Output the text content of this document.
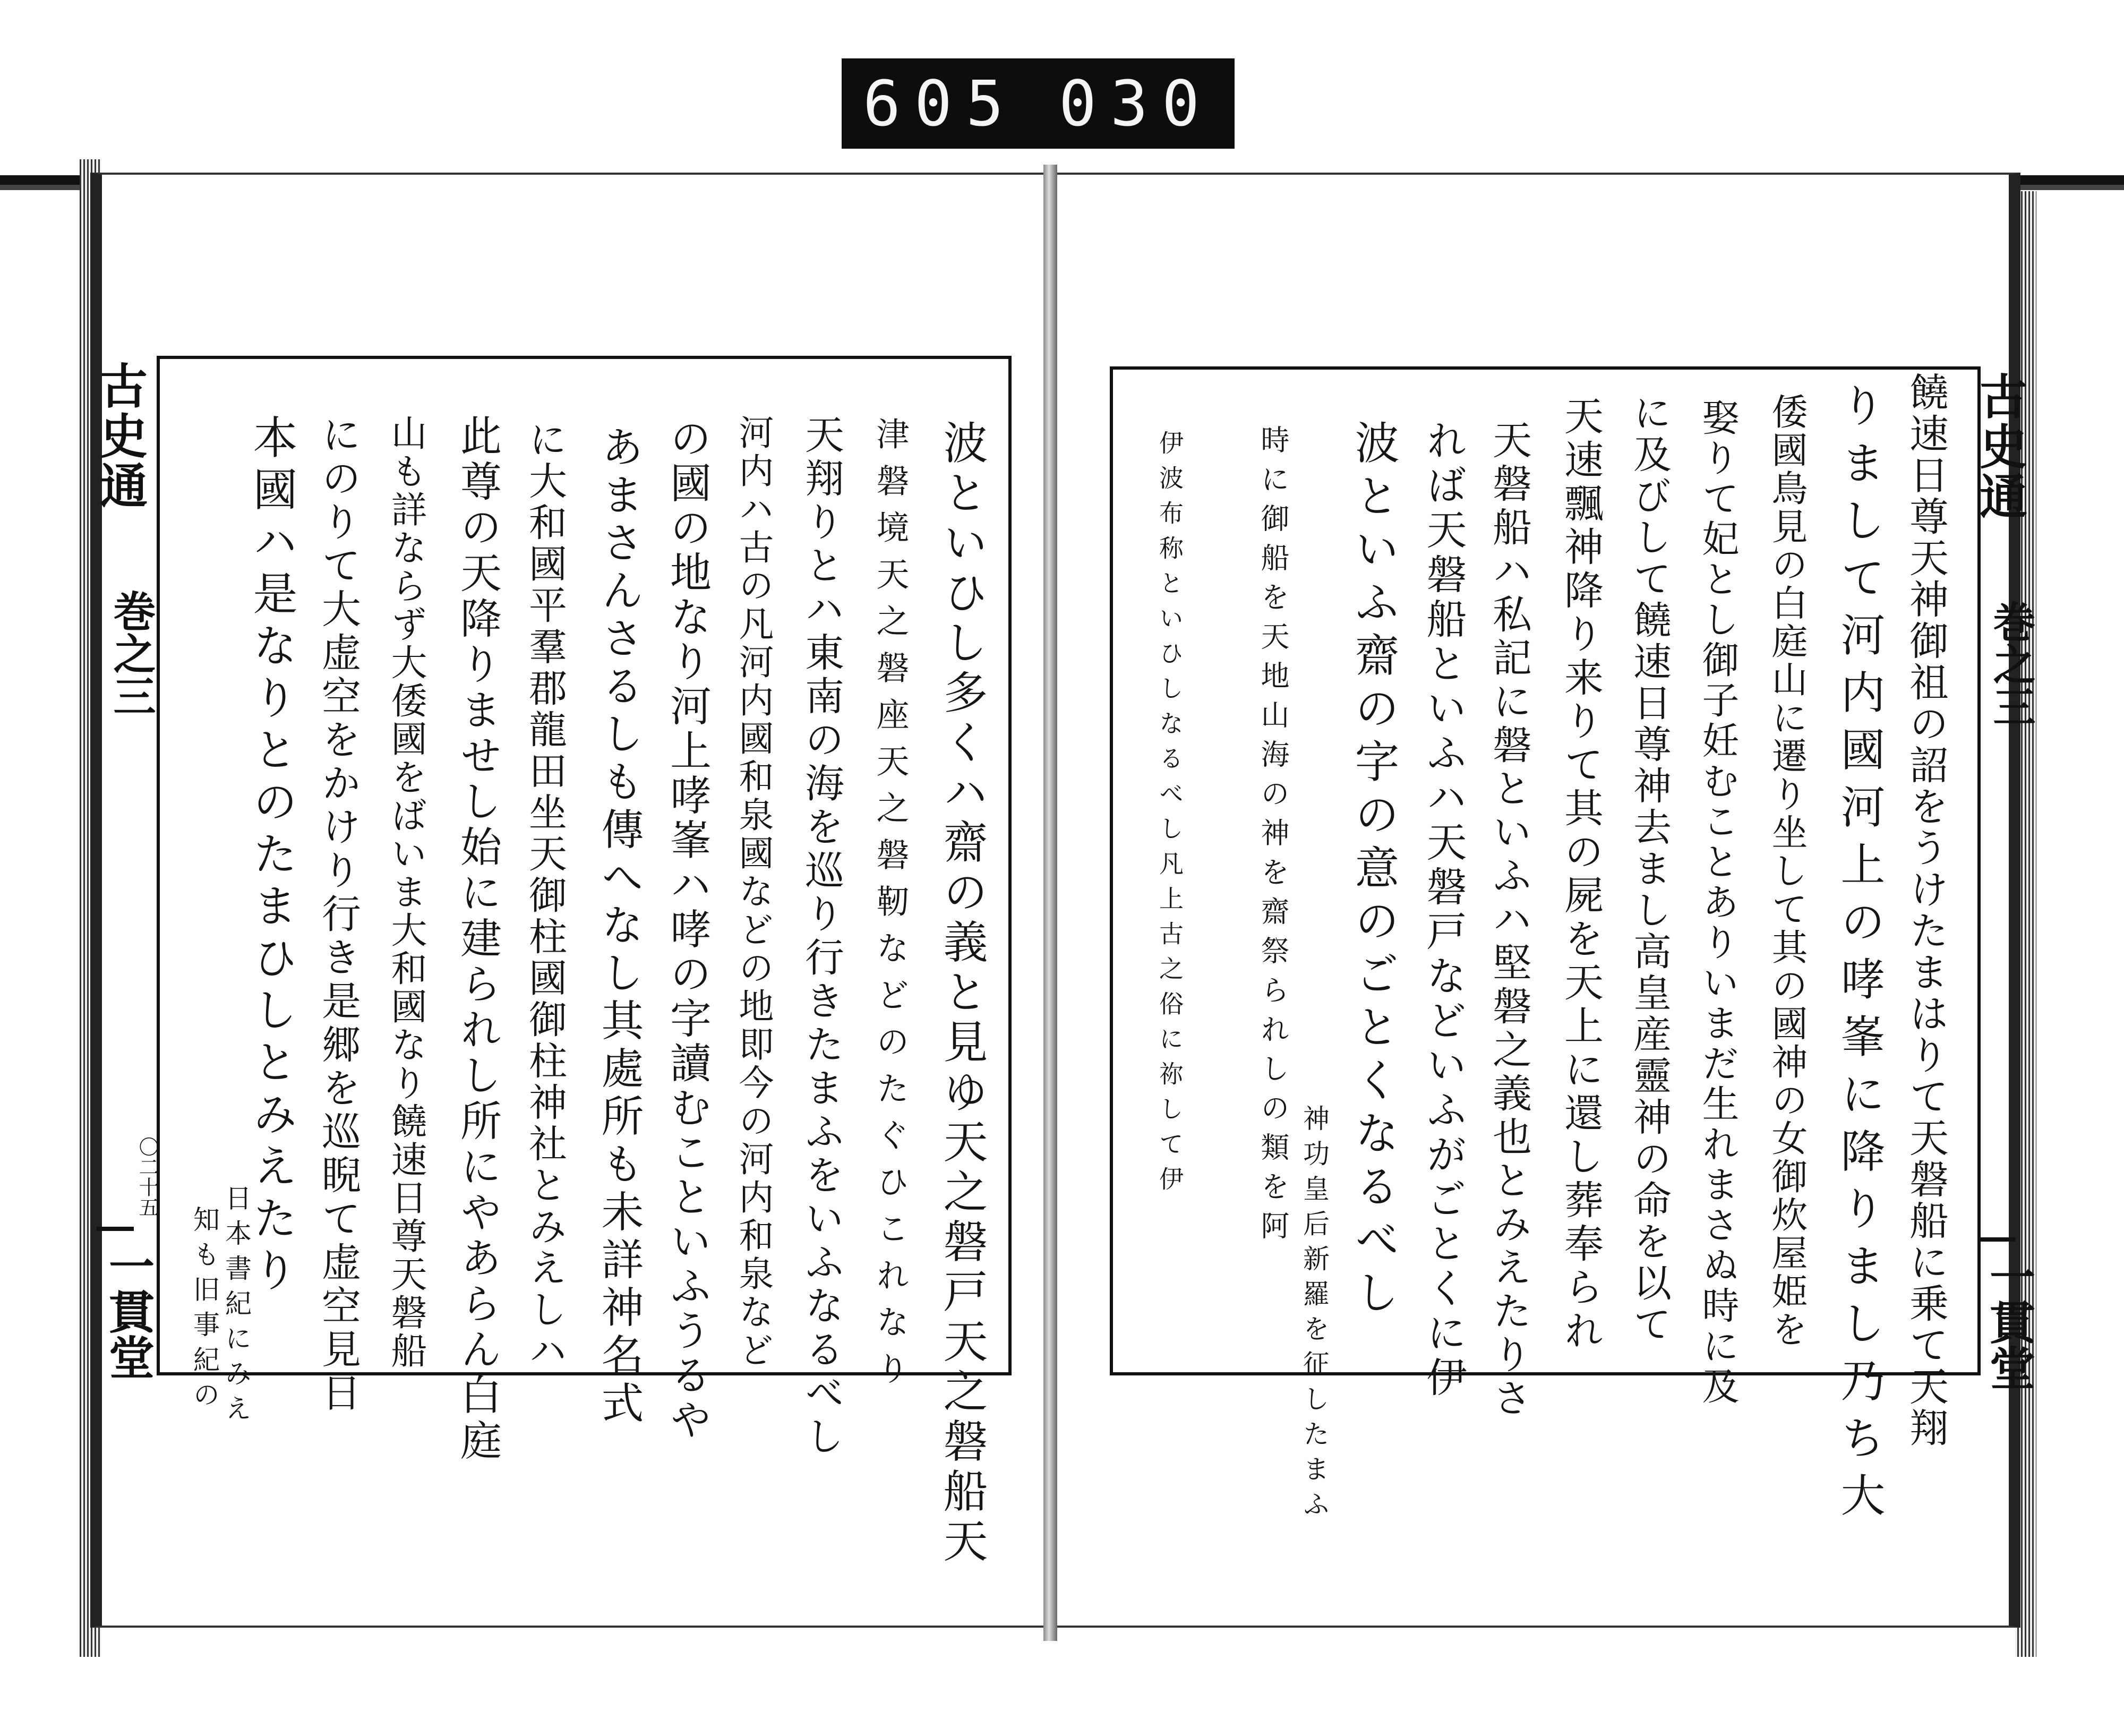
605 030
古史通
巻之三
〇二十五
一貫堂	波といひし多くハ齋の義と見ゆ天之磐戸天之磐船天
津磐境天之磐座天之磐靭などのたぐひこれなり
天翔りとハ東南の海を巡り行きたまふをいふなるべし
河内ハ古の凡河内國和泉國などの地即今の河内和泉など
の國の地なり河上哮峯ハ哮の字讀むこといふうるや
あまさんさるしも傳へなし其處所も未詳神名式
に大和國平羣郡龍田坐天御柱國御柱神社とみえしハ
此尊の天降りませし始に建られし所にやあらん白庭
山も詳ならず大倭國をばいま大和國なり饒速日尊天磐船
にのりて大虚空をかけり行き是郷を巡睨て虚空見日
本國ハ是なりとのたまひしとみえたり
日本書紀にみえ
知も旧事紀の
古史通
巻之三
一貫堂
饒速日尊天神御祖の詔をうけたまはりて天磐船に乗て天翔
りまして河内國河上の哮峯に降りまし乃ち大
倭國鳥見の白庭山に遷り坐して其の國神の女御炊屋姫を
娶りて妃とし御子妊むことありいまだ生れまさぬ時に及
に及びして饒速日尊神去まし高皇産靈神の命を以て
天速飄神降り来りて其の屍を天上に還し葬奉られ
天磐船ハ私記に磐といふハ堅磐之義也とみえたりさ
れば天磐船といふハ天磐戸などいふがごとくに伊
波といふ齋の字の意のごとくなるべし
時に御船を天地山海の神を齋祭られしの類を阿
神功皇后新羅を征したまふ
伊波布称といひしなるべし凡上古之俗に祢して伊
